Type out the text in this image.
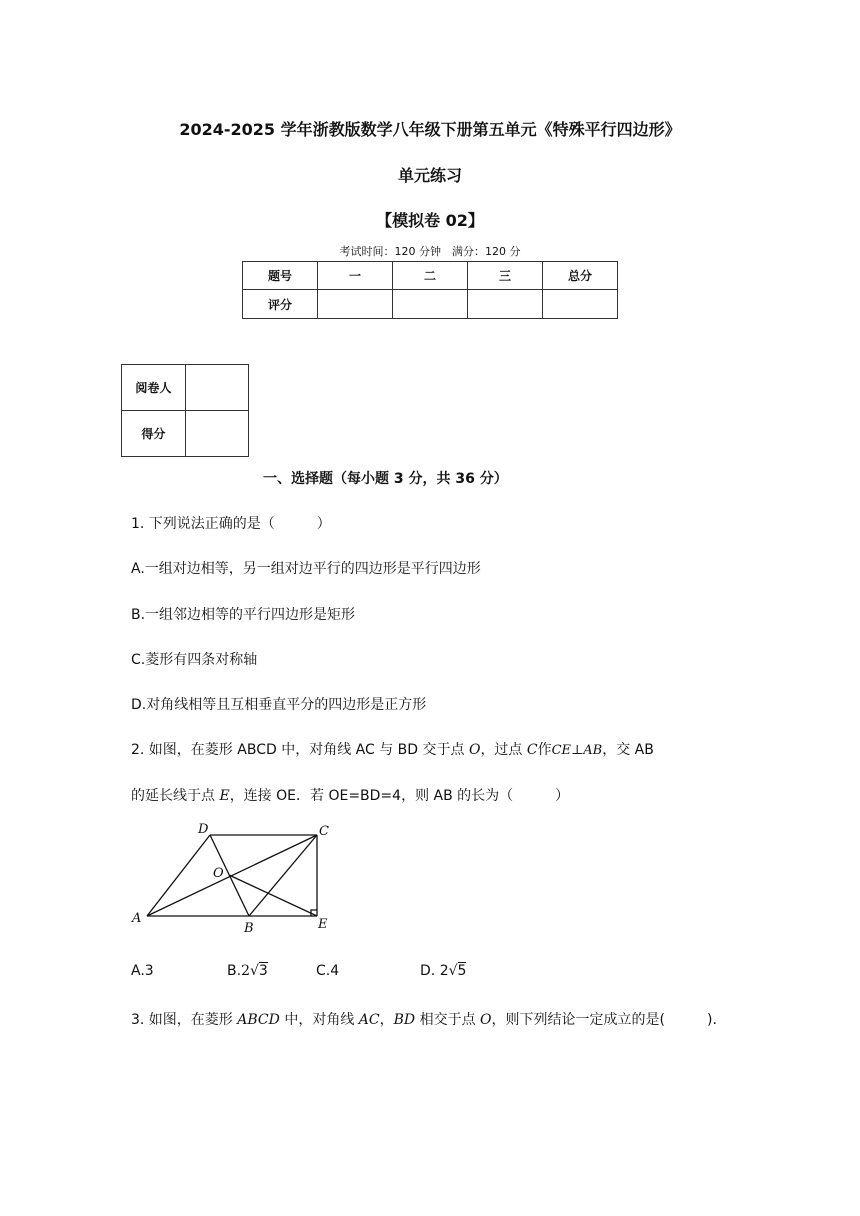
2024-2025 学年浙教版数学八年级下册第五单元《特殊平行四边形》
单元练习
【模拟卷 02】
考试时间：120 分钟　满分：120 分
题号	一	二	三	总分
评分				
阅卷人	
得分	
一、选择题（每小题 3 分，共 36 分）
1. 下列说法正确的是（　　　）
A.一组对边相等，另一组对边平行的四边形是平行四边形
B.一组邻边相等的平行四边形是矩形
C.菱形有四条对称轴
D.对角线相等且互相垂直平分的四边形是正方形
2. 如图，在菱形 ABCD 中，对角线 AC 与 BD 交于点 O，过点 C作CE⊥AB，交 AB
的延长线于点 E，连接 OE．若 OE=BD=4，则 AB 的长为（　　　）
D	C
O
A
B	E
A.3	B.2√3	C.4	D. 2√5
3. 如图，在菱形 ABCD 中，对角线 AC，BD 相交于点 O，则下列结论一定成立的是(　　　).
